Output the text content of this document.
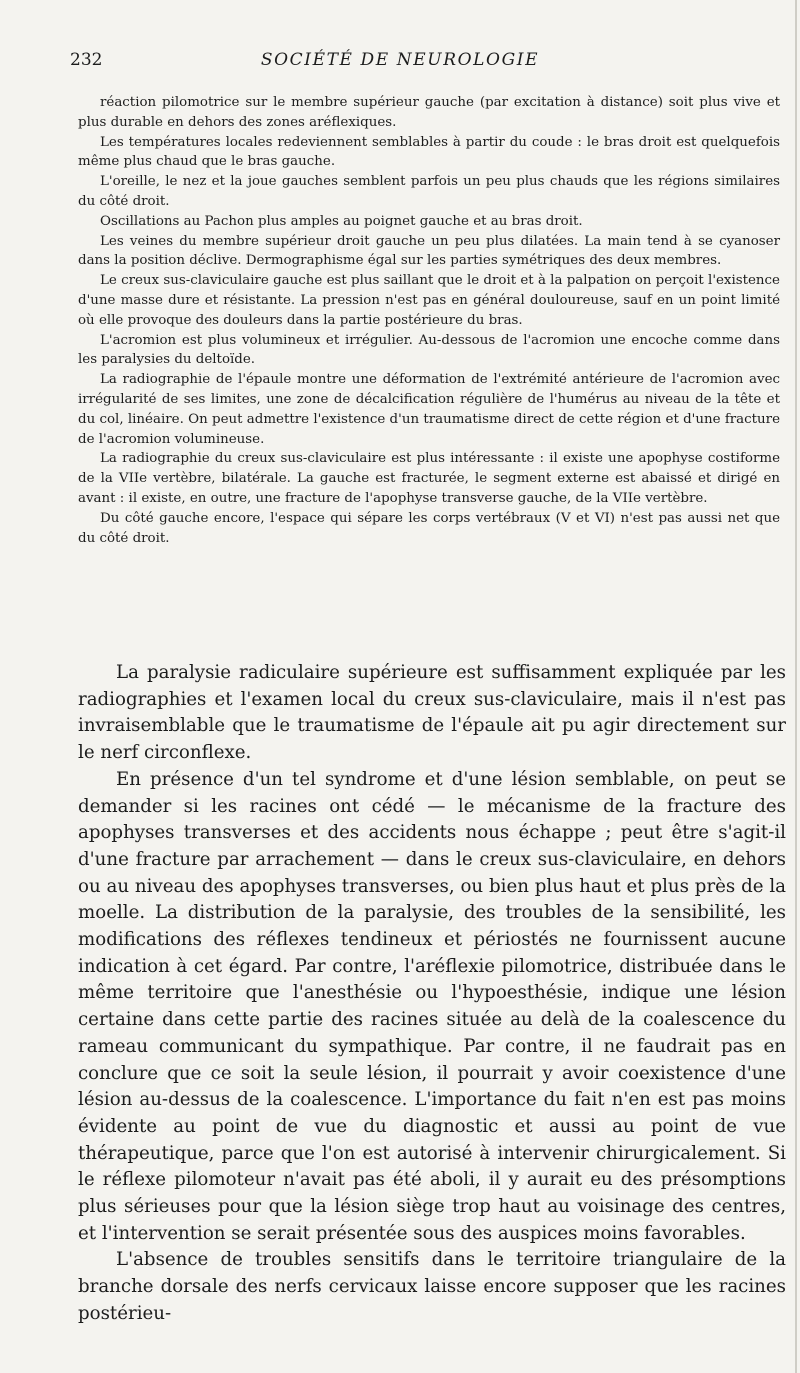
232	SOCIÉTÉ DE NEUROLOGIE

réaction pilomotrice sur le membre supérieur gauche (par excitation à distance) soit plus vive et plus durable en dehors des zones aréflexiques.

Les températures locales redeviennent semblables à partir du coude : le bras droit est quelquefois même plus chaud que le bras gauche.

L'oreille, le nez et la joue gauches semblent parfois un peu plus chauds que les régions similaires du côté droit.

Oscillations au Pachon plus amples au poignet gauche et au bras droit.

Les veines du membre supérieur droit gauche un peu plus dilatées. La main tend à se cyanoser dans la position déclive. Dermographisme égal sur les parties symétriques des deux membres.

Le creux sus-claviculaire gauche est plus saillant que le droit et à la palpation on perçoit l'existence d'une masse dure et résistante. La pression n'est pas en général douloureuse, sauf en un point limité où elle provoque des douleurs dans la partie postérieure du bras.

L'acromion est plus volumineux et irrégulier. Au-dessous de l'acromion une encoche comme dans les paralysies du deltoïde.

La radiographie de l'épaule montre une déformation de l'extrémité antérieure de l'acromion avec irrégularité de ses limites, une zone de décalcification régulière de l'humérus au niveau de la tête et du col, linéaire. On peut admettre l'existence d'un traumatisme direct de cette région et d'une fracture de l'acromion volumineuse.

La radiographie du creux sus-claviculaire est plus intéressante : il existe une apophyse costiforme de la VIIe vertèbre, bilatérale. La gauche est fracturée, le segment externe est abaissé et dirigé en avant : il existe, en outre, une fracture de l'apophyse transverse gauche, de la VIIe vertèbre.

Du côté gauche encore, l'espace qui sépare les corps vertébraux (V et VI) n'est pas aussi net que du côté droit.

La paralysie radiculaire supérieure est suffisamment expliquée par les radiographies et l'examen local du creux sus-claviculaire, mais il n'est pas invraisemblable que le traumatisme de l'épaule ait pu agir directement sur le nerf circonflexe.

En présence d'un tel syndrome et d'une lésion semblable, on peut se demander si les racines ont cédé — le mécanisme de la fracture des apophyses transverses et des accidents nous échappe ; peut être s'agit-il d'une fracture par arrachement — dans le creux sus-claviculaire, en dehors ou au niveau des apophyses transverses, ou bien plus haut et plus près de la moelle. La distribution de la paralysie, des troubles de la sensibilité, les modifications des réflexes tendineux et périostés ne fournissent aucune indication à cet égard. Par contre, l'aréflexie pilomotrice, distribuée dans le même territoire que l'anesthésie ou l'hypoesthésie, indique une lésion certaine dans cette partie des racines située au delà de la coalescence du rameau communicant du sympathique. Par contre, il ne faudrait pas en conclure que ce soit la seule lésion, il pourrait y avoir coexistence d'une lésion au-dessus de la coalescence. L'importance du fait n'en est pas moins évidente au point de vue du diagnostic et aussi au point de vue thérapeutique, parce que l'on est autorisé à intervenir chirurgicalement. Si le réflexe pilomoteur n'avait pas été aboli, il y aurait eu des présomptions plus sérieuses pour que la lésion siège trop haut au voisinage des centres, et l'intervention se serait présentée sous des auspices moins favorables.

L'absence de troubles sensitifs dans le territoire triangulaire de la branche dorsale des nerfs cervicaux laisse encore supposer que les racines postérieu-
